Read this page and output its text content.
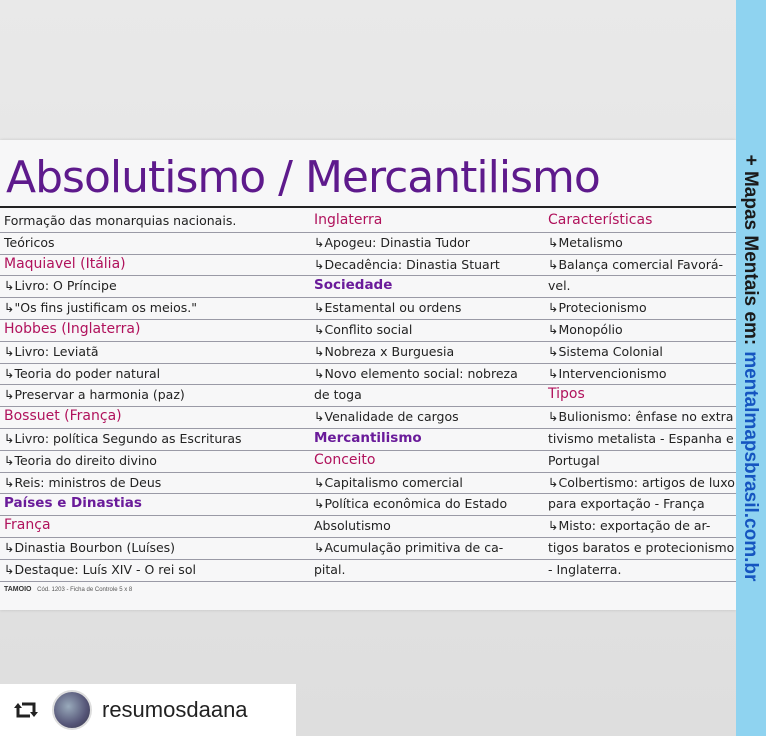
Absolutismo / Mercantilismo
Formação das monarquias nacionais.
Teóricos
Maquiavel (Itália)
↳ Livro: O Príncipe
↳ "Os fins justificam os meios."
Hobbes (Inglaterra)
↳ Livro: Leviatã
↳ Teoria do poder natural
↳ Preservar a harmonia (paz)
Bossuet (França)
↳ Livro: política Segundo as Escrituras
↳ Teoria do direito divino
↳ Reis: ministros de Deus
Países e Dinastias
França
↳ Dinastia Bourbon (Luíses)
↳ Destaque: Luís XIV - O rei sol
Inglaterra
↳ Apogeu: Dinastia Tudor
↳ Decadência: Dinastia Stuart
Sociedade
↳ Estamental ou ordens
↳ Conflito social
↳ Nobreza x Burguesia
↳ Novo elemento social: nobreza
de toga
↳ Venalidade de cargos
Mercantilismo
Conceito
↳ Capitalismo comercial
↳ Política econômica do Estado
Absolutismo
↳ Acumulação primitiva de ca-
pital.
Características
↳ Metalismo
↳ Balança comercial Favorá-
vel.
↳ Protecionismo
↳ Monopólio
↳ Sistema Colonial
↳ Intervencionismo
Tipos
↳ Bulionismo: ênfase no extra
tivismo metalista - Espanha e
Portugal
↳ Colbertismo: artigos de luxo
para exportação - França
↳ Misto: exportação de ar-
tigos baratos e protecionismo
- Inglaterra.
TAMOIO Cód. 1203 - Ficha de Controle 5 x 8
resumosdaana
+ Mapas Mentais em:
mentalmapsbrasil.com.br
